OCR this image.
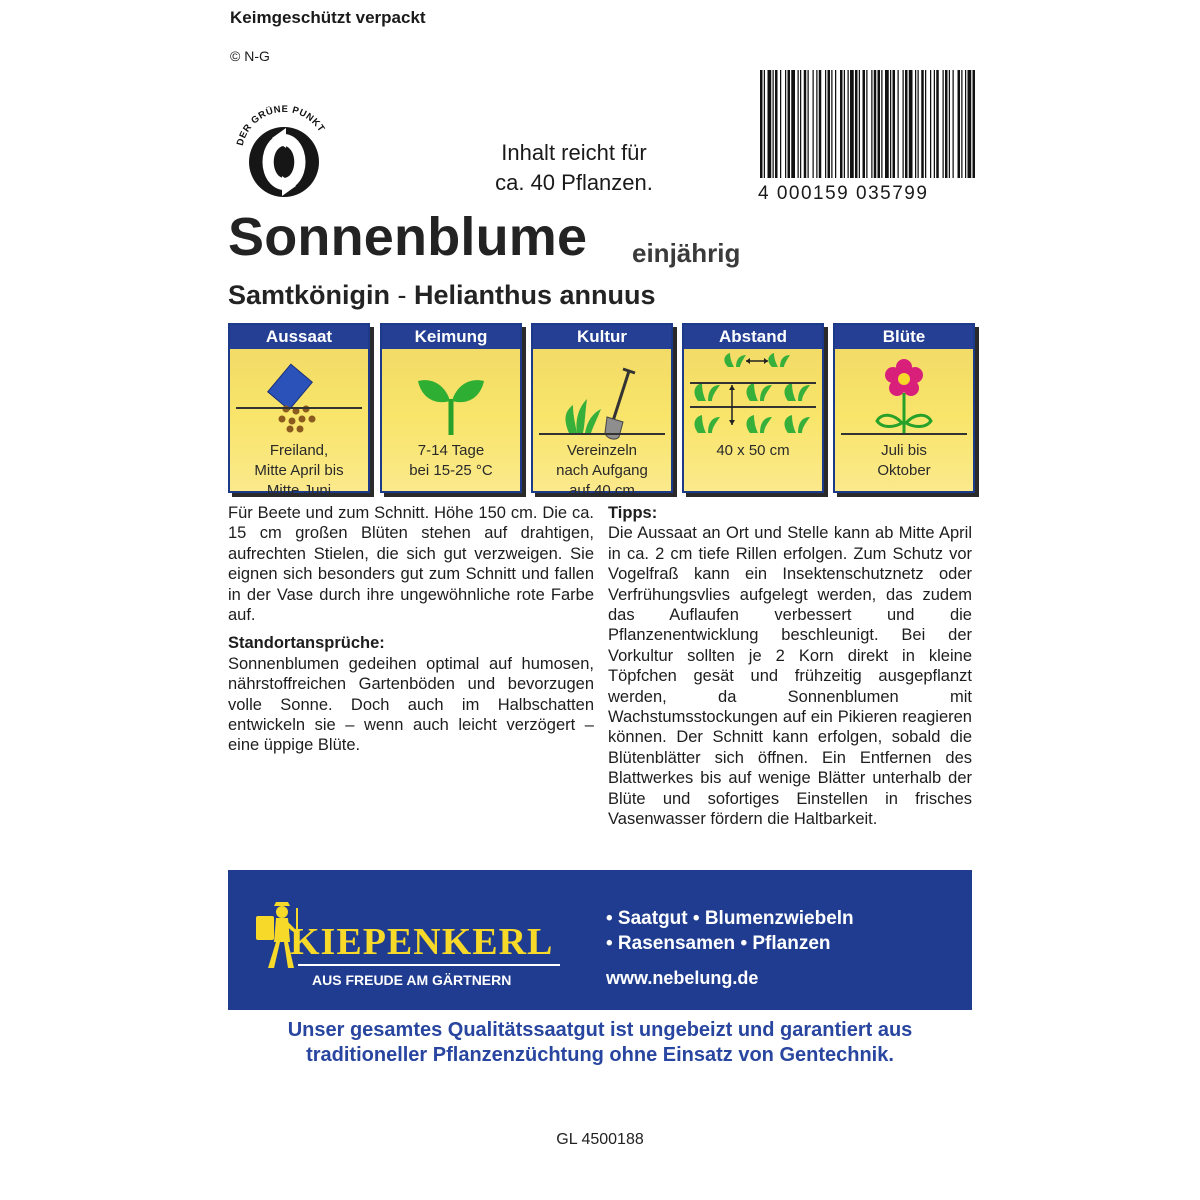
Keimgeschützt verpackt
© N-G
DER GRÜNE PUNKT
Inhalt reicht für
ca. 40 Pflanzen.	4 000159 035799
Sonnenblume einjährig
Samtkönigin - Helianthus annuus
Aussaat
Freiland,
Mitte April bis
Mitte Juni
Keimung
7-14 Tage
bei 15-25 °C
Kultur
Vereinzeln
nach Aufgang
auf 40 cm
Abstand
40 x 50 cm
Blüte
Juli bis
Oktober

Für Beete und zum Schnitt. Höhe 150 cm. Die ca. 15 cm großen Blüten stehen auf drahtigen, aufrechten Stielen, die sich gut verzweigen. Sie eignen sich besonders gut zum Schnitt und fallen in der Vase durch ihre ungewöhnliche rote Farbe auf.

Standortansprüche:

Sonnenblumen gedeihen optimal auf humosen, nährstoffreichen Gartenböden und bevorzugen volle Sonne. Doch auch im Halbschatten entwickeln sie – wenn auch leicht verzögert – eine üppige Blüte.

Tipps:

Die Aussaat an Ort und Stelle kann ab Mitte April in ca. 2 cm tiefe Rillen erfolgen. Zum Schutz vor Vogelfraß kann ein Insektenschutznetz oder Verfrühungsvlies aufgelegt werden, das zudem das Auflaufen verbessert und die Pflanzenentwicklung beschleunigt. Bei der Vorkultur sollten je 2 Korn direkt in kleine Töpfchen gesät und frühzeitig ausgepflanzt werden, da Sonnenblumen mit Wachstumsstockungen auf ein Pikieren reagieren können. Der Schnitt kann erfolgen, sobald die Blütenblätter sich öffnen. Ein Entfernen des Blattwerkes bis auf wenige Blätter unterhalb der Blüte und sofortiges Einstellen in frisches Vasenwasser fördern die Haltbarkeit.

KIEPENKERL
AUS FREUDE AM GÄRTNERN
• Saatgut • Blumenzwiebeln
• Rasensamen • Pflanzen
www.nebelung.de
Unser gesamtes Qualitätssaatgut ist ungebeizt und garantiert aus
traditioneller Pflanzenzüchtung ohne Einsatz von Gentechnik.
GL 4500188
